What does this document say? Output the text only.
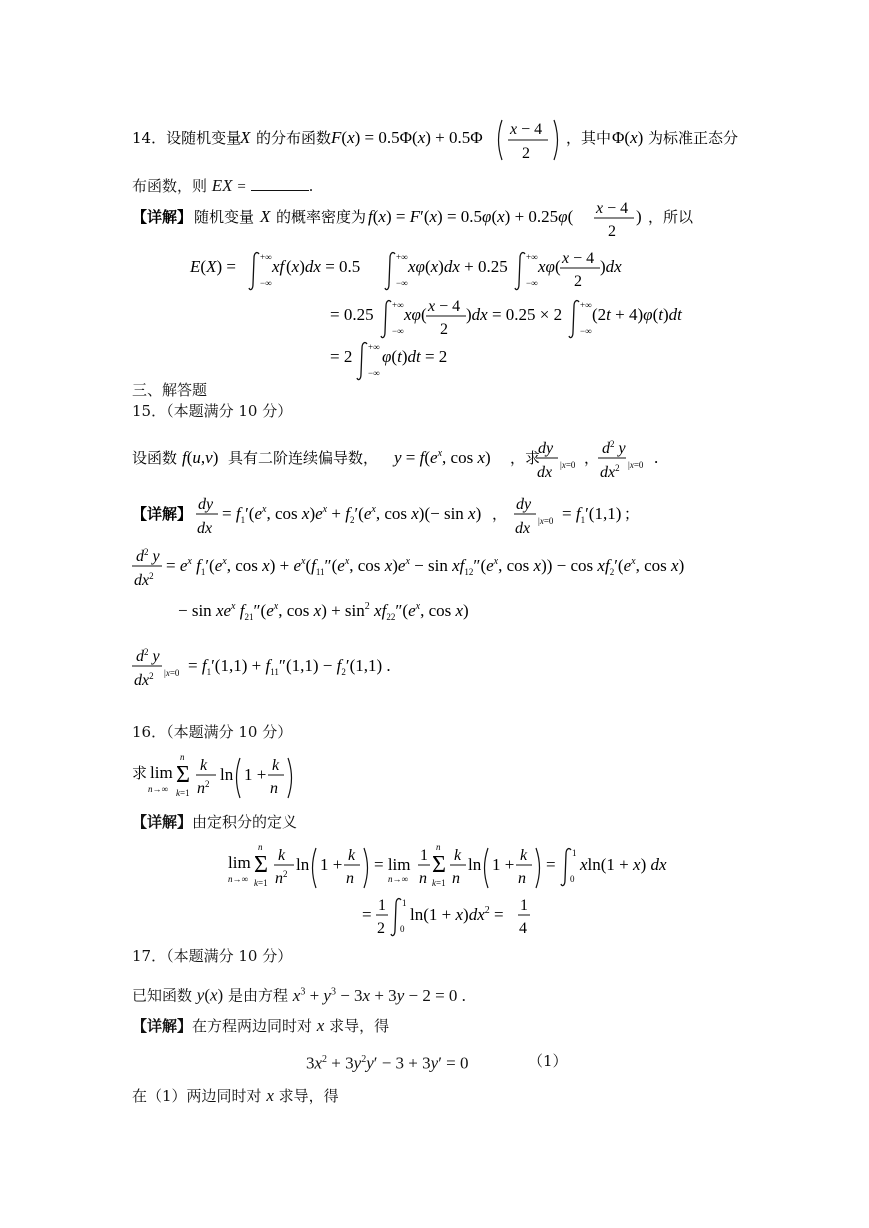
14．设随机变量
X 的分布函数 F(x) = 0.5Φ(x) + 0.5Φ x − 4
2
，其中 Φ(x) 为标准正态分
布函数，则 EX =	.
【详解】 随机变量 X 的概率密度为 f(x) = F′(x) = 0.5φ(x) + 0.25φ( x − 4
2
) ，所以
E(X) =	+∞
−∞
xf (x)dx = 0.5	+∞
−∞
xφ(x)dx + 0.25 +∞
−∞
xφ( x − 4
2
)dx
= 0.25 +∞
−∞
xφ( x − 4
2
)dx = 0.25 × 2 +∞
−∞
(2t + 4)φ(t)dt
= 2 +∞
−∞
φ(t)dt = 2
三、解答题
15．（本题满分 10 分）
设函数 f(u,v) 具有二阶连续偏导数， $y = f(e^x$, cos x) ，求
dy
dx |x=0 ，
$d^2$ y
$dx^2$ |x=0 .
【详解】
dy
dx
= $f_1'(e^x$, $\cos x)e^x + f_2'(e^x$, cos x)(− sin x) ，
dy
dx $|x=0 = f_1'(1,1)$ ；
$d^2$ y
$dx^2$
= $e^x$ $f_1'(e^x$, $\cos x) + e^x(f_{11}''(e^x$, $\cos x)e^x - \sin xf_{12}''(e^x$, $\cos x)) - \cos xf_2'(e^x$, cos x)
− $\sin xe^x$ $f_{21}''(e^x$, $\cos x) + \sin^2 xf_{22}''(e^x$, cos x)
$d^2$ y
$dx^2$ $|x=0 = f_1'(1,1) + f_{11}''(1,1) - f_2'(1,1)$ .
16．（本题满分 10 分）
求 lim
n→∞
Σ
n
k=1
k
$n^2$ ln 1 + k
n
【详解】由定积分的定义
lim
n→∞
Σ
n
k=1
k
$n^2$ ln 1 + k
n
= lim
n→∞
1
n
Σ
n
k=1
k
n
ln 1 + k
n
=
1
0
xln(1 + x) dx
= 1
2
1
0
$\ln(1 + x)dx^2 = 1$
4
17．（本题满分 10 分）
已知函数 y(x) 是由方程 $x^3 + y^3 - 3x + 3y - 2 = 0$ .
【详解】在方程两边同时对 x 求导，得
$3x^2 + 3y^2y' - 3 + 3y' = 0$	（1）
在（1）两边同时对 x 求导，得
